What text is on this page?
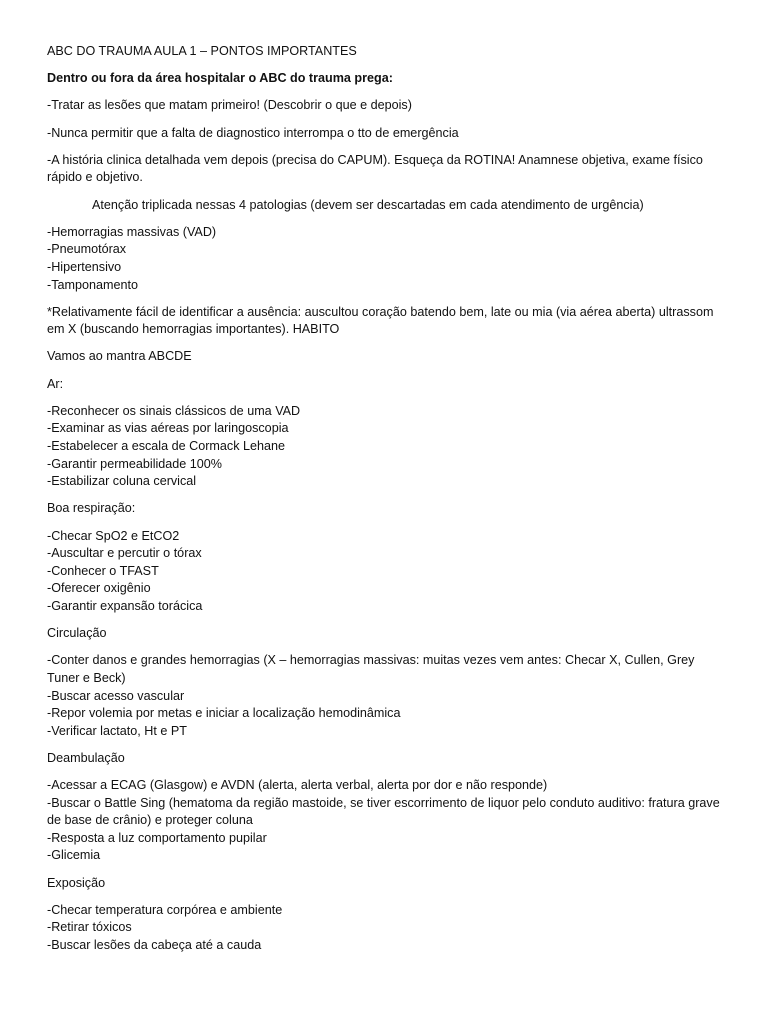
ABC DO TRAUMA AULA 1 – PONTOS IMPORTANTES

Dentro ou fora da área hospitalar o ABC do trauma prega:

-Tratar as lesões que matam primeiro! (Descobrir o que e depois)

-Nunca permitir que a falta de diagnostico interrompa o tto de emergência

-A história clinica detalhada vem depois (precisa do CAPUM). Esqueça da ROTINA! Anamnese objetiva, exame físico rápido e objetivo.

Atenção triplicada nessas 4 patologias (devem ser descartadas em cada atendimento de urgência)

-Hemorragias massivas (VAD)
-Pneumotórax
-Hipertensivo
-Tamponamento

*Relativamente fácil de identificar a ausência: auscultou coração batendo bem, late ou mia (via aérea aberta) ultrassom em X (buscando hemorragias importantes). HABITO

Vamos ao mantra ABCDE

Ar:

-Reconhecer os sinais clássicos de uma VAD
-Examinar as vias aéreas por laringoscopia
-Estabelecer a escala de Cormack Lehane
-Garantir permeabilidade 100%
-Estabilizar coluna cervical

Boa respiração:

-Checar SpO2 e EtCO2
-Auscultar e percutir o tórax
-Conhecer o TFAST
-Oferecer oxigênio
-Garantir expansão torácica

Circulação

-Conter danos e grandes hemorragias (X – hemorragias massivas: muitas vezes vem antes: Checar X, Cullen, Grey Tuner e Beck)
-Buscar acesso vascular
-Repor volemia por metas e iniciar a localização hemodinâmica
-Verificar lactato, Ht e PT

Deambulação

-Acessar a ECAG (Glasgow) e AVDN (alerta, alerta verbal, alerta por dor e não responde)
-Buscar o Battle Sing (hematoma da região mastoide, se tiver escorrimento de liquor pelo conduto auditivo: fratura grave de base de crânio) e proteger coluna
-Resposta a luz comportamento pupilar
-Glicemia

Exposição

-Checar temperatura corpórea e ambiente
-Retirar tóxicos
-Buscar lesões da cabeça até a cauda
